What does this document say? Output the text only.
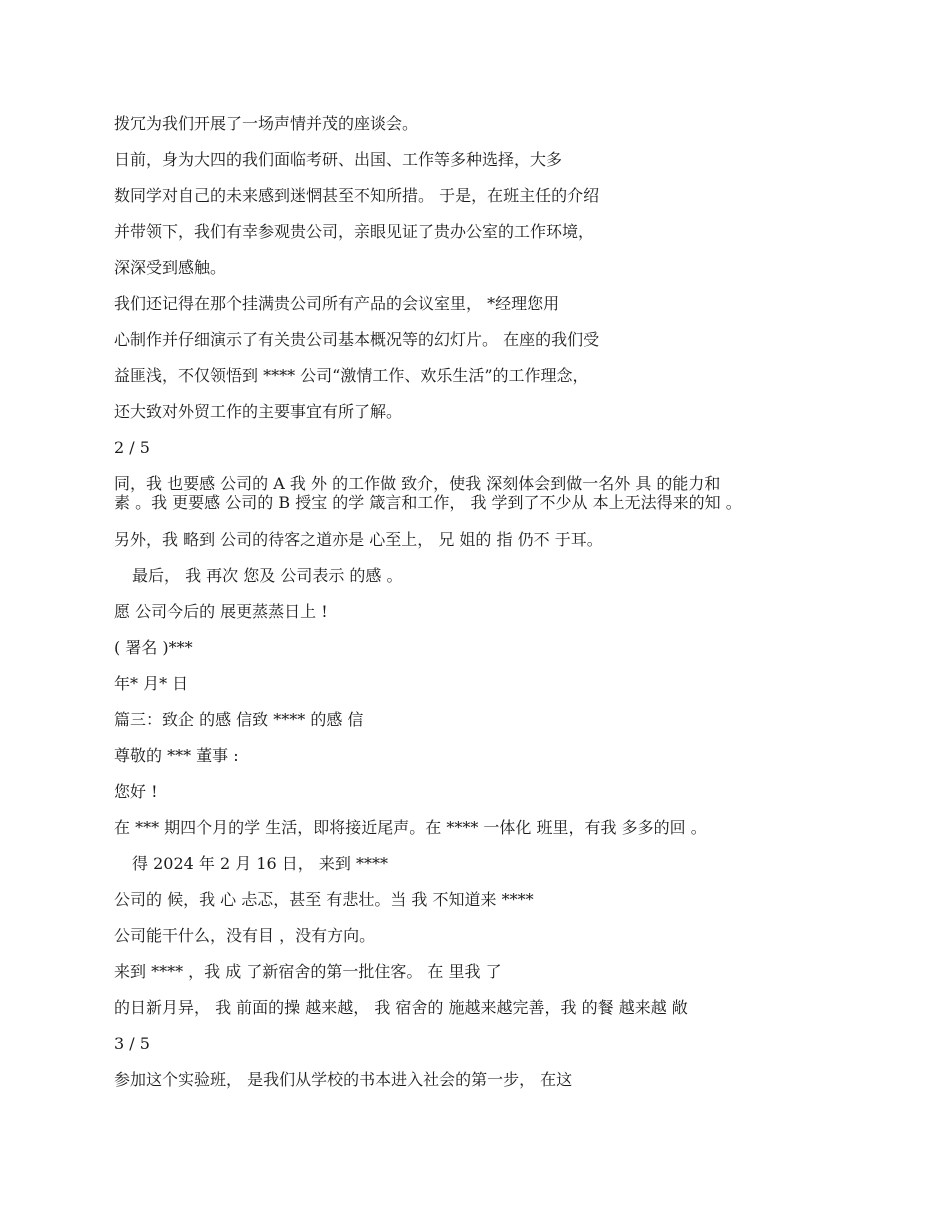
拨冗为我们开展了一场声情并茂的座谈会。
日前，身为大四的我们面临考研、出国、工作等多种选择，大多
数同学对自己的未来感到迷惘甚至不知所措。 于是，在班主任的介绍
并带领下，我们有幸参观贵公司，亲眼见证了贵办公室的工作环境，
深深受到感触。
我们还记得在那个挂满贵公司所有产品的会议室里， *经理您用
心制作并仔细演示了有关贵公司基本概况等的幻灯片。 在座的我们受
益匪浅，不仅领悟到 **** 公司“激情工作、欢乐生活”的工作理念，
还大致对外贸工作的主要事宜有所了解。
2 / 5
同，我 也要感 公司的 A 我 外 的工作做 致介，使我 深刻体会到做一名外 具 的能力和
素 。我 更要感 公司的 B 授宝 的学 箴言和工作， 我 学到了不少从 本上无法得来的知 。
另外，我 略到 公司的待客之道亦是 心至上， 兄 姐的 指 仍不 于耳。
最后， 我 再次 您及 公司表示 的感 。
愿 公司今后的 展更蒸蒸日上 !
( 署名 )***
年* 月* 日
篇三：致企 的感 信致 **** 的感 信
尊敬的 *** 董事 :
您好 !
在 *** 期四个月的学 生活，即将接近尾声。在 **** 一体化 班里，有我 多多的回 。
得 2024 年 2 月 16 日， 来到 ****
公司的 候，我 心 忐忑，甚至 有悲壮。当 我 不知道来 ****
公司能干什么，没有目 ，没有方向。
来到 **** ，我 成 了新宿舍的第一批住客。 在 里我 了
的日新月异， 我 前面的操 越来越， 我 宿舍的 施越来越完善，我 的餐 越来越 敞
3 / 5
参加这个实验班， 是我们从学校的书本进入社会的第一步， 在这
